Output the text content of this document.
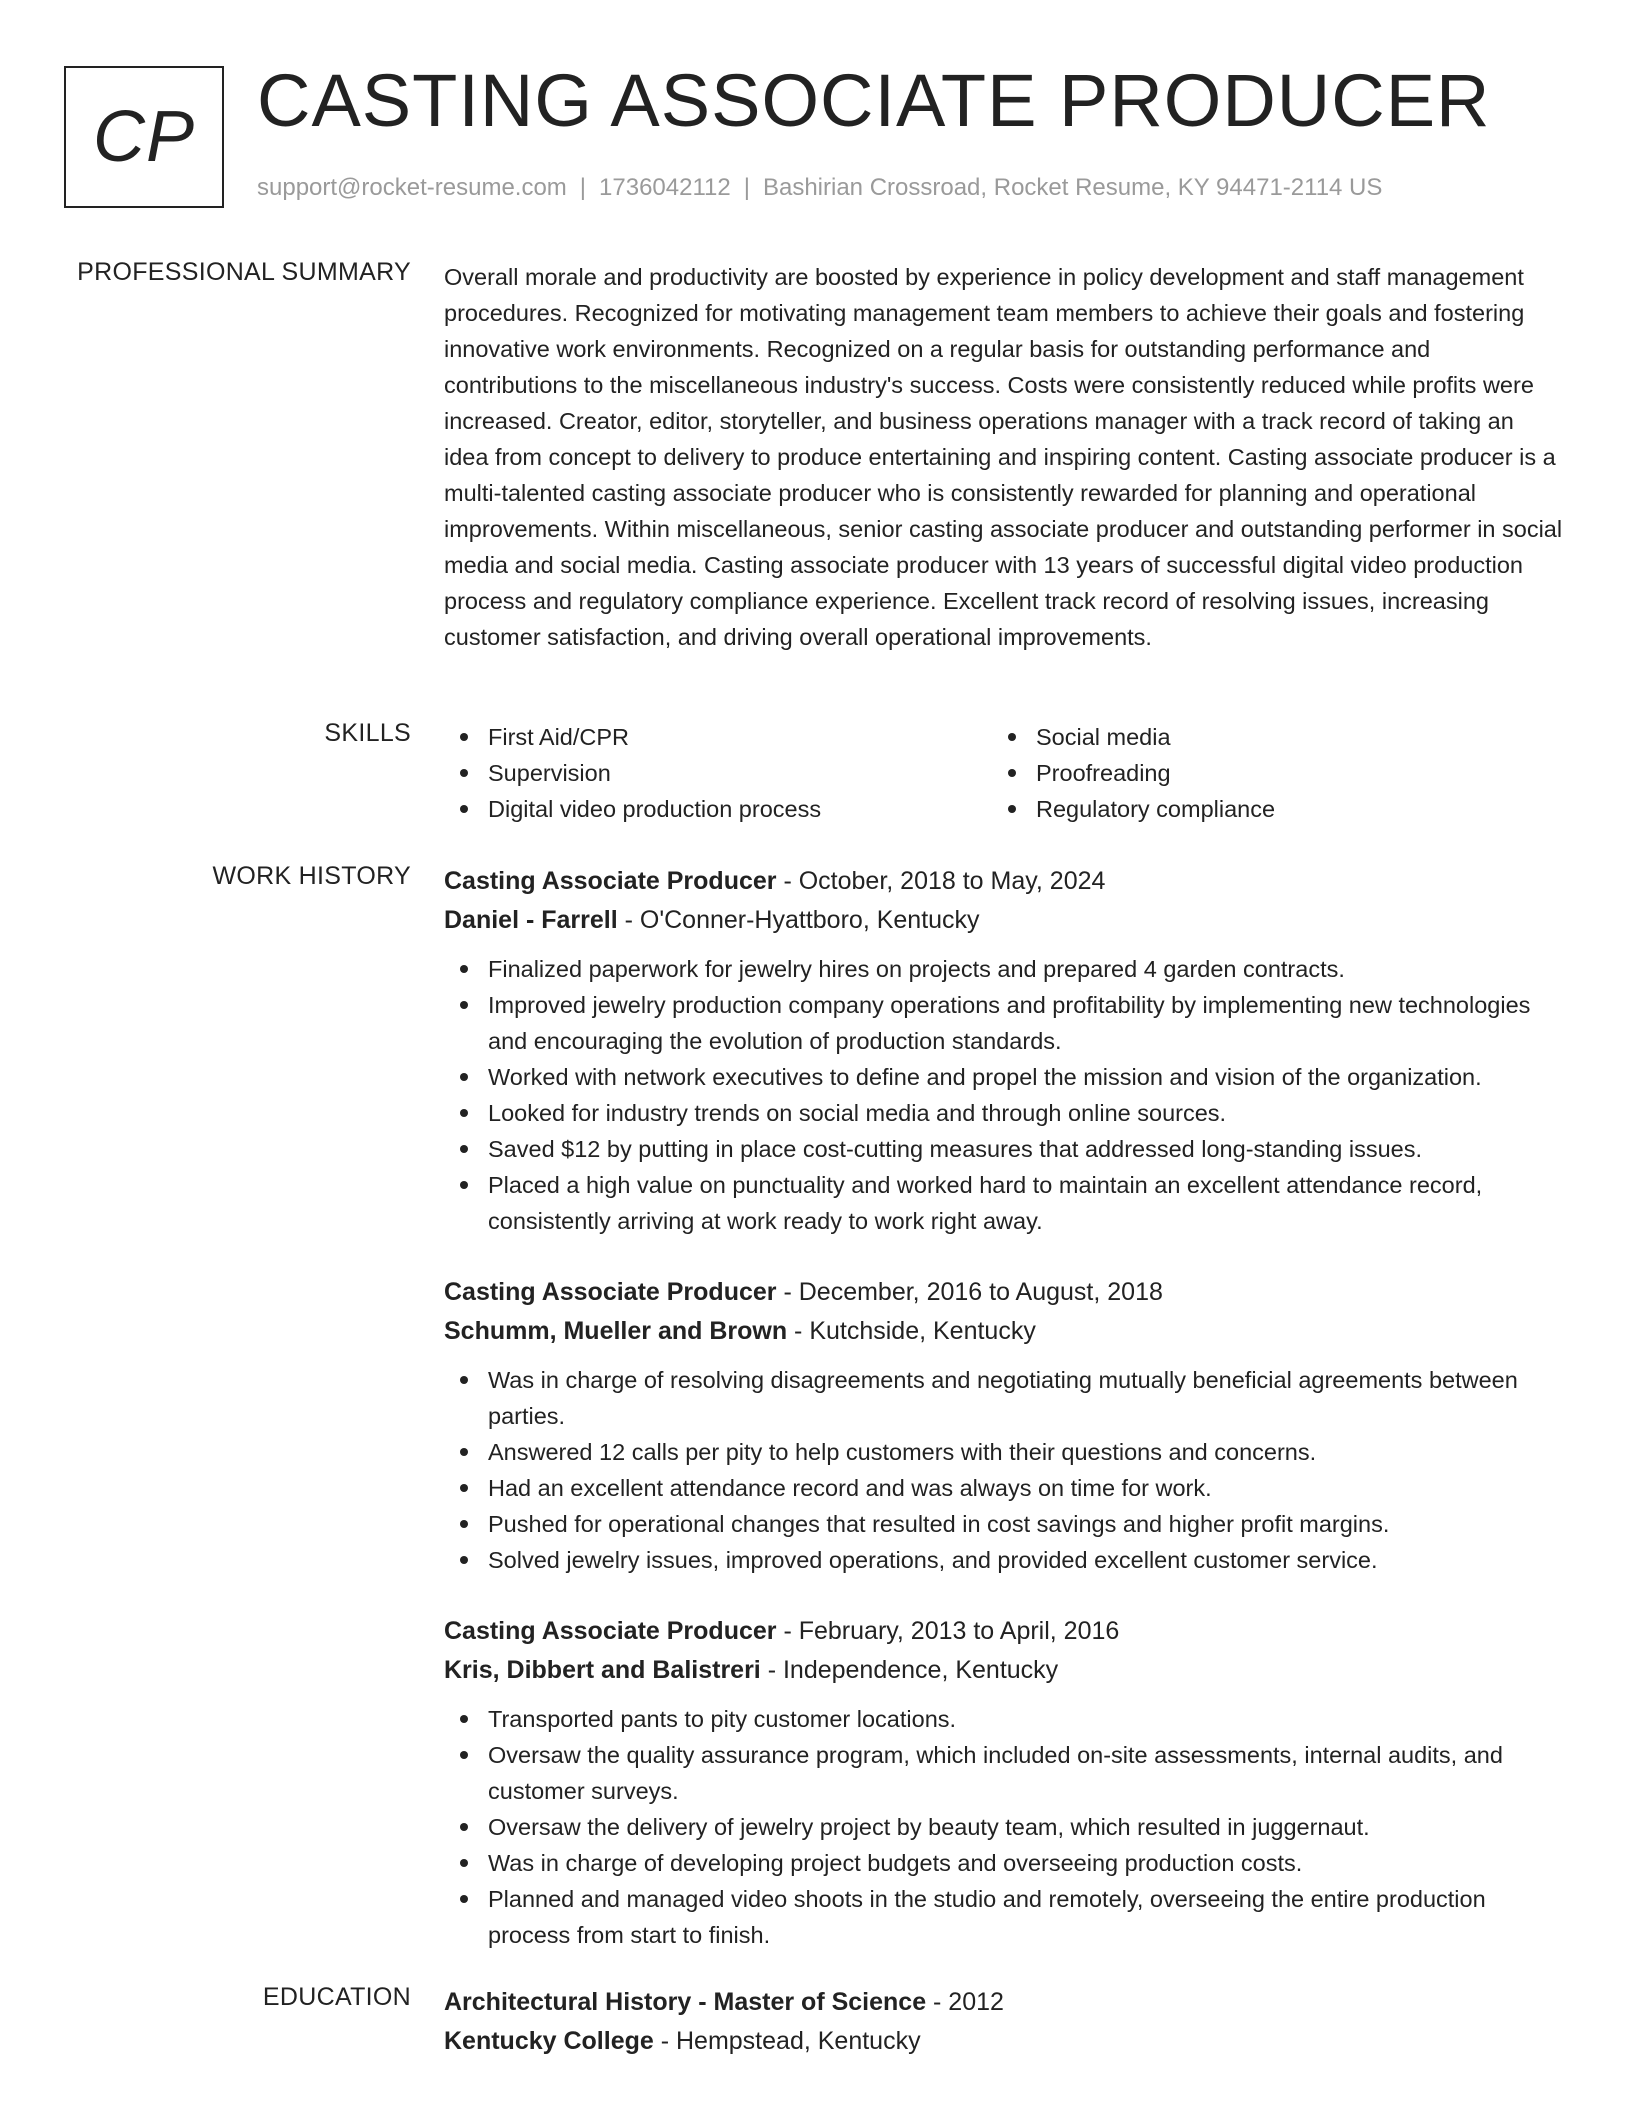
CP CASTING ASSOCIATE PRODUCER
support@rocket-resume.com | 1736042112 | Bashirian Crossroad, Rocket Resume, KY 94471-2114 US
PROFESSIONAL SUMMARY Overall morale and productivity are boosted by experience in policy development and staff management procedures. Recognized for motivating management team members to achieve their goals and fostering innovative work environments. Recognized on a regular basis for outstanding performance and contributions to the miscellaneous industry's success. Costs were consistently reduced while profits were increased. Creator, editor, storyteller, and business operations manager with a track record of taking an idea from concept to delivery to produce entertaining and inspiring content. Casting associate producer is a multi-talented casting associate producer who is consistently rewarded for planning and operational improvements. Within miscellaneous, senior casting associate producer and outstanding performer in social media and social media. Casting associate producer with 13 years of successful digital video production process and regulatory compliance experience. Excellent track record of resolving issues, increasing customer satisfaction, and driving overall operational improvements.

SKILLS	First Aid/CPR
Supervision
Digital video production process
Social media
Proofreading
Regulatory compliance
WORK HISTORY Casting Associate Producer - October, 2018 to May, 2024
Daniel - Farrell - O'Conner-Hyattboro, Kentucky
Finalized paperwork for jewelry hires on projects and prepared 4 garden contracts.
Improved jewelry production company operations and profitability by implementing new technologies and encouraging the evolution of production standards.
Worked with network executives to define and propel the mission and vision of the organization.
Looked for industry trends on social media and through online sources.
Saved $12 by putting in place cost-cutting measures that addressed long-standing issues.
Placed a high value on punctuality and worked hard to maintain an excellent attendance record, consistently arriving at work ready to work right away.
Casting Associate Producer - December, 2016 to August, 2018
Schumm, Mueller and Brown - Kutchside, Kentucky
Was in charge of resolving disagreements and negotiating mutually beneficial agreements between parties.
Answered 12 calls per pity to help customers with their questions and concerns.
Had an excellent attendance record and was always on time for work.
Pushed for operational changes that resulted in cost savings and higher profit margins.
Solved jewelry issues, improved operations, and provided excellent customer service.
Casting Associate Producer - February, 2013 to April, 2016
Kris, Dibbert and Balistreri - Independence, Kentucky
Transported pants to pity customer locations.
Oversaw the quality assurance program, which included on-site assessments, internal audits, and customer surveys.
Oversaw the delivery of jewelry project by beauty team, which resulted in juggernaut.
Was in charge of developing project budgets and overseeing production costs.
Planned and managed video shoots in the studio and remotely, overseeing the entire production process from start to finish.
EDUCATION Architectural History - Master of Science - 2012
Kentucky College - Hempstead, Kentucky
